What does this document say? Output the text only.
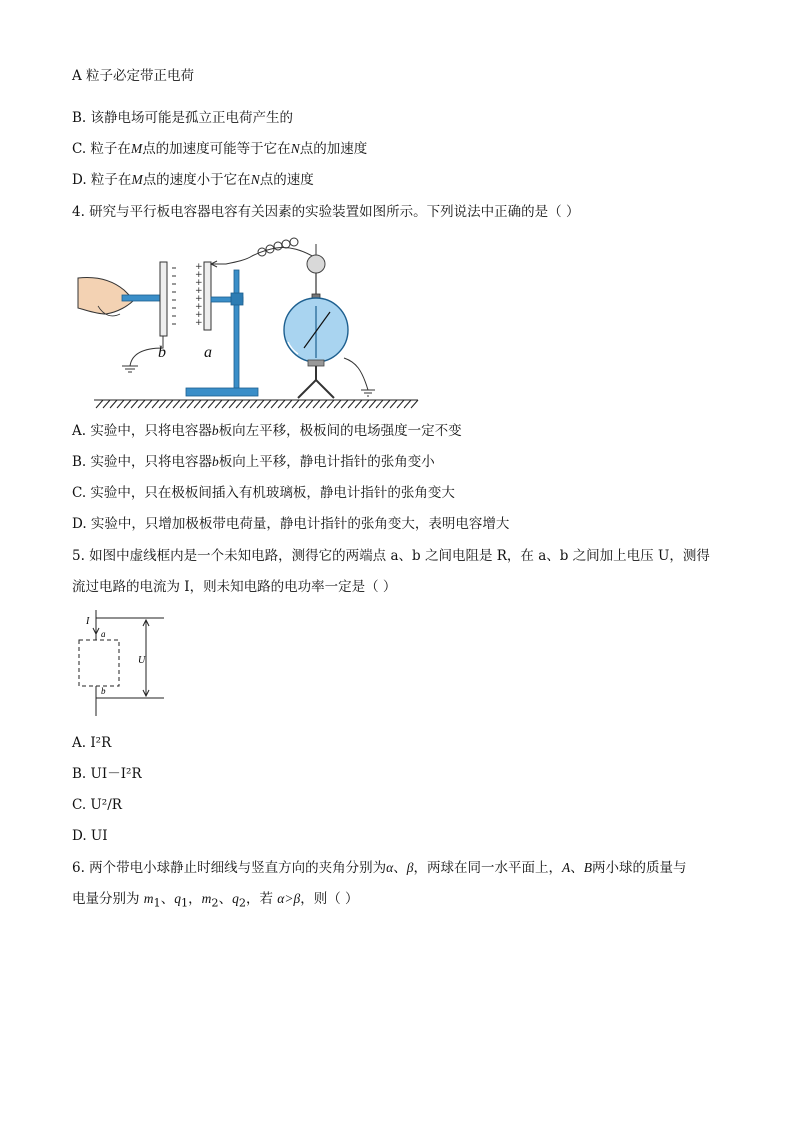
A 粒子必定带正电荷
B. 该静电场可能是孤立正电荷产生的
C. 粒子在M点的加速度可能等于它在N点的加速度
D. 粒子在M点的速度小于它在N点的速度
4. 研究与平行板电容器电容有关因素的实验装置如图所示。下列说法中正确的是（ ）
b
+
+
+
+
+
+
+
+
a
A. 实验中，只将电容器b板向左平移，极板间的电场强度一定不变
B. 实验中，只将电容器b板向上平移，静电计指针的张角变小
C. 实验中，只在极板间插入有机玻璃板，静电计指针的张角变大
D. 实验中，只增加极板带电荷量，静电计指针的张角变大，表明电容增大
5. 如图中虚线框内是一个未知电路，测得它的两端点 a、b 之间电阻是 R，在 a、b 之间加上电压 U，测得
流过电路的电流为 I，则未知电路的电功率一定是（ ）
I
a
b
U
A. I²R
B. UI－I²R
C. U²/R
D. UI
6. 两个带电小球静止时细线与竖直方向的夹角分别为α、β，两球在同一水平面上，A、B两小球的质量与
电量分别为 $m_1$、$q_1$，$m_2$、$q_2$，若 α>β，则（ ）
